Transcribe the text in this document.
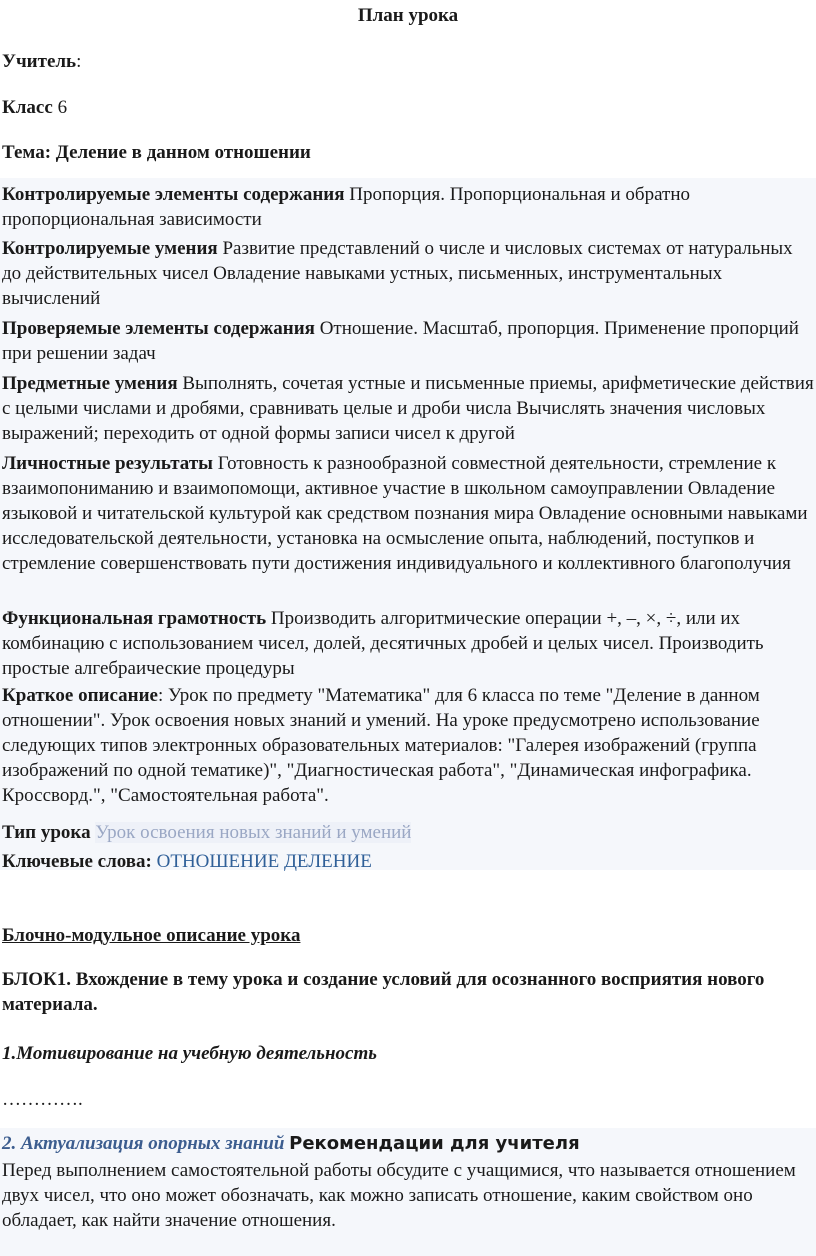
План урока
Учитель:
Класс 6
Тема: Деление в данном отношении
Контролируемые элементы содержания Пропорция. Пропорциональная и обратно пропорциональная зависимости
Контролируемые умения Развитие представлений о числе и числовых системах от натуральных до действительных чисел Овладение навыками устных, письменных, инструментальных вычислений
Проверяемые элементы содержания Отношение. Масштаб, пропорция. Применение пропорций при решении задач
Предметные умения Выполнять, сочетая устные и письменные приемы, арифметические действия с целыми числами и дробями, сравнивать целые и дроби числа Вычислять значения числовых выражений; переходить от одной формы записи чисел к другой
Личностные результаты Готовность к разнообразной совместной деятельности, стремление к взаимопониманию и взаимопомощи, активное участие в школьном самоуправлении Овладение языковой и читательской культурой как средством познания мира Овладение основными навыками исследовательской деятельности, установка на осмысление опыта, наблюдений, поступков и стремление совершенствовать пути достижения индивидуального и коллективного благополучия
Функциональная грамотность Производить алгоритмические операции +, –, ×, ÷, или их комбинацию с использованием чисел, долей, десятичных дробей и целых чисел. Производить простые алгебраические процедуры
Краткое описание: Урок по предмету "Математика" для 6 класса по теме "Деление в данном отношении". Урок освоения новых знаний и умений. На уроке предусмотрено использование следующих типов электронных образовательных материалов: "Галерея изображений (группа изображений по одной тематике)", "Диагностическая работа", "Динамическая инфографика. Кроссворд.", "Самостоятельная работа".
Тип урока Урок освоения новых знаний и умений
Ключевые слова: ОТНОШЕНИЕ ДЕЛЕНИЕ
Блочно-модульное описание урока
БЛОК1. Вхождение в тему урока и создание условий для осознанного восприятия нового материала.
1.Мотивирование на учебную деятельность
………….
2. Актуализация опорных знаний Рекомендации для учителя
Перед выполнением самостоятельной работы обсудите с учащимися, что называется отношением двух чисел, что оно может обозначать, как можно записать отношение, каким свойством оно обладает, как найти значение отношения.
